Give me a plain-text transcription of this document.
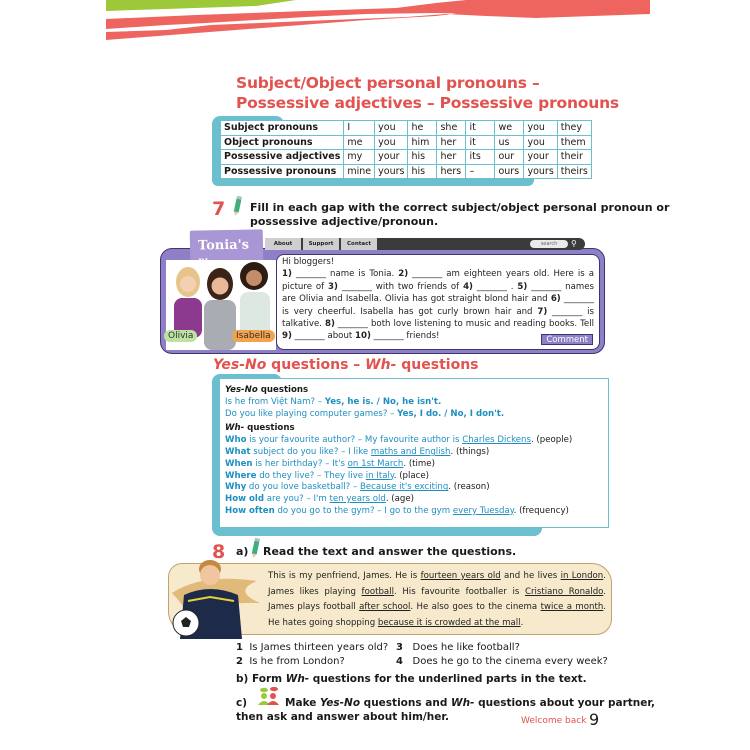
Subject/Object personal pronouns –
Possessive adjectives – Possessive pronouns
Subject pronouns	I	you	he	she	it	we	you	they
Object pronouns	me	you	him	her	it	us	you	them
Possessive adjectives	my	your	his	her	its	our	your	their
Possessive pronouns	mine	yours	his	hers	–	ours	yours	theirs
7 Fill in each gap with the correct subject/object personal pronoun or
possessive adjective/pronoun.
About	Support	Contact	search	⚲
Tonia's
Olivia	Isabella
Hi bloggers!
1) _______ name is Tonia. 2) _______ am eighteen years old. Here is a picture of 3) _______ with two friends of 4) _______ . 5) _______ names are Olivia and Isabella. Olivia has got straight blond hair and 6) _______ is very cheerful. Isabella has got curly brown hair and 7) _______ is talkative. 8) _______ both love listening to music and reading books. Tell 9) _______ about 10) _______ friends!	Comment
Yes-No questions – Wh- questions
Yes-No questions
Is he from Việt Nam? – Yes, he is. / No, he isn't.
Do you like playing computer games? – Yes, I do. / No, I don't.
Wh- questions
Who is your favourite author? – My favourite author is Charles Dickens. (people)
What subject do you like? – I like maths and English. (things)
When is her birthday? – It's on 1st March. (time)
Where do they live? – They live in Italy. (place)
Why do you love basketball? – Because it's exciting. (reason)
How old are you? – I'm ten years old. (age)
How often do you go to the gym? – I go to the gym every Tuesday. (frequency)
8 a) Read the text and answer the questions.
This is my penfriend, James. He is fourteen years old and he lives in London. James likes playing football. His favourite footballer is Cristiano Ronaldo. James plays football after school. He also goes to the cinema twice a month. He hates going shopping because it is crowded at the mall.
1 Is James thirteen years old? 3 Does he like football?
2 Is he from London?	4 Does he go to the cinema every week?
b) Form Wh- questions for the underlined parts in the text.
c)	Make Yes-No questions and Wh- questions about your partner,
then ask and answer about him/her.	Welcome back 9
